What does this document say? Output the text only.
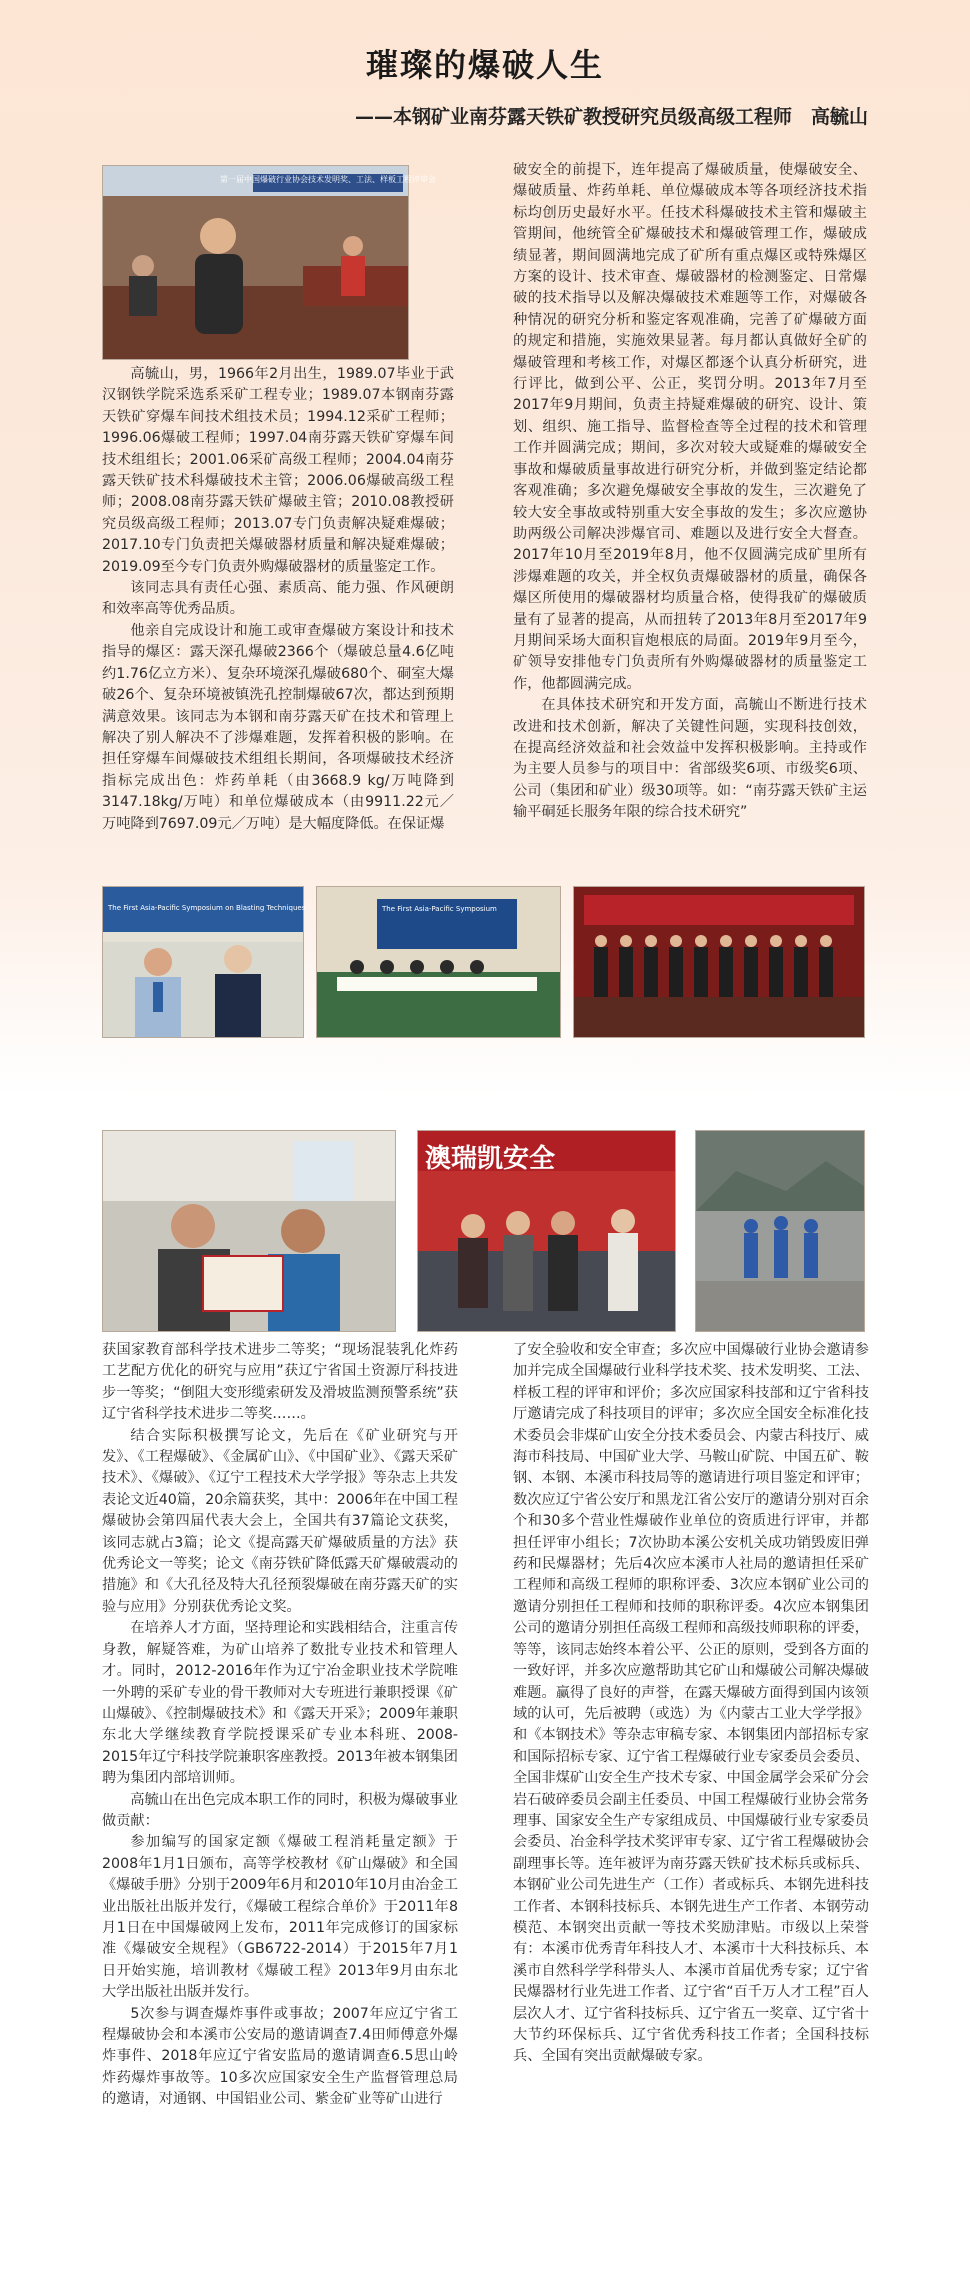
璀璨的爆破人生
——本钢矿业南芬露天铁矿教授研究员级高级工程师　高毓山
第一届中国爆破行业协会技术发明奖、工法、样板工程评审会

高毓山，男，1966年2月出生，1989.07毕业于武汉钢铁学院采选系采矿工程专业；1989.07本钢南芬露天铁矿穿爆车间技术组技术员；1994.12采矿工程师；1996.06爆破工程师；1997.04南芬露天铁矿穿爆车间技术组组长；2001.06采矿高级工程师；2004.04南芬露天铁矿技术科爆破技术主管；2006.06爆破高级工程师；2008.08南芬露天铁矿爆破主管；2010.08教授研究员级高级工程师；2013.07专门负责解决疑难爆破；2017.10专门负责把关爆破器材质量和解决疑难爆破；2019.09至今专门负责外购爆破器材的质量鉴定工作。

该同志具有责任心强、素质高、能力强、作风硬朗和效率高等优秀品质。

他亲自完成设计和施工或审查爆破方案设计和技术指导的爆区：露天深孔爆破2366个（爆破总量4.6亿吨约1.76亿立方米）、复杂环境深孔爆破680个、硐室大爆破26个、复杂环境被镇洗孔控制爆破67次，都达到预期满意效果。该同志为本钢和南芬露天矿在技术和管理上解决了别人解决不了涉爆难题，发挥着积极的影响。在担任穿爆车间爆破技术组组长期间，各项爆破技术经济指标完成出色：炸药单耗（由3668.9 kg/万吨降到3147.18kg/万吨）和单位爆破成本（由9911.22元／万吨降到7697.09元／万吨）是大幅度降低。在保证爆

破安全的前提下，连年提高了爆破质量，使爆破安全、爆破质量、炸药单耗、单位爆破成本等各项经济技术指标均创历史最好水平。任技术科爆破技术主管和爆破主管期间，他统管全矿爆破技术和爆破管理工作，爆破成绩显著，期间圆满地完成了矿所有重点爆区或特殊爆区方案的设计、技术审查、爆破器材的检测鉴定、日常爆破的技术指导以及解决爆破技术难题等工作，对爆破各种情况的研究分析和鉴定客观准确，完善了矿爆破方面的规定和措施，实施效果显著。每月都认真做好全矿的爆破管理和考核工作，对爆区都逐个认真分析研究，进行评比，做到公平、公正，奖罚分明。2013年7月至2017年9月期间，负责主持疑难爆破的研究、设计、策划、组织、施工指导、监督检查等全过程的技术和管理工作并圆满完成；期间，多次对较大或疑难的爆破安全事故和爆破质量事故进行研究分析，并做到鉴定结论都客观准确；多次避免爆破安全事故的发生，三次避免了较大安全事故或特别重大安全事故的发生；多次应邀协助两级公司解决涉爆官司、难题以及进行安全大督查。2017年10月至2019年8月，他不仅圆满完成矿里所有涉爆难题的攻关，并全权负责爆破器材的质量，确保各爆区所使用的爆破器材均质量合格，使得我矿的爆破质量有了显著的提高，从而扭转了2013年8月至2017年9月期间采场大面积盲炮根底的局面。2019年9月至今，矿领导安排他专门负责所有外购爆破器材的质量鉴定工作，他都圆满完成。

在具体技术研究和开发方面，高毓山不断进行技术改进和技术创新，解决了关键性问题，实现科技创效，在提高经济效益和社会效益中发挥积极影响。主持或作为主要人员参与的项目中：省部级奖6项、市级奖6项、公司（集团和矿业）级30项等。如：“南芬露天铁矿主运输平硐延长服务年限的综合技术研究”

The First Asia-Pacific Symposium on Blasting Techniques	The First Asia-Pacific Symposium
澳瑞凯安全

获国家教育部科学技术进步二等奖；“现场混装乳化炸药工艺配方优化的研究与应用”获辽宁省国土资源厅科技进步一等奖；“倒阻大变形缆索研发及滑坡监测预警系统”获辽宁省科学技术进步二等奖……。

结合实际积极撰写论文，先后在《矿业研究与开发》、《工程爆破》、《金属矿山》、《中国矿业》、《露天采矿技术》、《爆破》、《辽宁工程技术大学学报》等杂志上共发表论文近40篇，20余篇获奖，其中：2006年在中国工程爆破协会第四届代表大会上，全国共有37篇论文获奖，该同志就占3篇；论文《提高露天矿爆破质量的方法》获优秀论文一等奖；论文《南芬铁矿降低露天矿爆破震动的措施》和《大孔径及特大孔径预裂爆破在南芬露天矿的实验与应用》分别获优秀论文奖。

在培养人才方面，坚持理论和实践相结合，注重言传身教，解疑答难，为矿山培养了数批专业技术和管理人才。同时，2012-2016年作为辽宁冶金职业技术学院唯一外聘的采矿专业的骨干教师对大专班进行兼职授课《矿山爆破》、《控制爆破技术》和《露天开采》；2009年兼职东北大学继续教育学院授课采矿专业本科班、2008-2015年辽宁科技学院兼职客座教授。2013年被本钢集团聘为集团内部培训师。

高毓山在出色完成本职工作的同时，积极为爆破事业做贡献：

参加编写的国家定额《爆破工程消耗量定额》于2008年1月1日颁布，高等学校教材《矿山爆破》和全国《爆破手册》分别于2009年6月和2010年10月由冶金工业出版社出版并发行，《爆破工程综合单价》于2011年8月1日在中国爆破网上发布，2011年完成修订的国家标准《爆破安全规程》（GB6722-2014）于2015年7月1日开始实施，培训教材《爆破工程》2013年9月由东北大学出版社出版并发行。

5次参与调查爆炸事件或事故；2007年应辽宁省工程爆破协会和本溪市公安局的邀请调查7.4田师傅意外爆炸事件、2018年应辽宁省安监局的邀请调查6.5思山岭炸药爆炸事故等。10多次应国家安全生产监督管理总局的邀请，对通钢、中国铝业公司、紫金矿业等矿山进行

了安全验收和安全审查；多次应中国爆破行业协会邀请参加并完成全国爆破行业科学技术奖、技术发明奖、工法、样板工程的评审和评价；多次应国家科技部和辽宁省科技厅邀请完成了科技项目的评审；多次应全国安全标准化技术委员会非煤矿山安全分技术委员会、内蒙古科技厅、威海市科技局、中国矿业大学、马鞍山矿院、中国五矿、鞍钢、本钢、本溪市科技局等的邀请进行项目鉴定和评审；数次应辽宁省公安厅和黑龙江省公安厅的邀请分别对百余个和30多个营业性爆破作业单位的资质进行评审，并都担任评审小组长；7次协助本溪公安机关成功销毁废旧弹药和民爆器材；先后4次应本溪市人社局的邀请担任采矿工程师和高级工程师的职称评委、3次应本钢矿业公司的邀请分别担任工程师和技师的职称评委。4次应本钢集团公司的邀请分别担任高级工程师和高级技师职称的评委，等等，该同志始终本着公平、公正的原则，受到各方面的一致好评，并多次应邀帮助其它矿山和爆破公司解决爆破难题。赢得了良好的声誉，在露天爆破方面得到国内该领域的认可，先后被聘（或选）为《内蒙古工业大学学报》和《本钢技术》等杂志审稿专家、本钢集团内部招标专家和国际招标专家、辽宁省工程爆破行业专家委员会委员、全国非煤矿山安全生产技术专家、中国金属学会采矿分会岩石破碎委员会副主任委员、中国工程爆破行业协会常务理事、国家安全生产专家组成员、中国爆破行业专家委员会委员、冶金科学技术奖评审专家、辽宁省工程爆破协会副理事长等。连年被评为南芬露天铁矿技术标兵或标兵、本钢矿业公司先进生产（工作）者或标兵、本钢先进科技工作者、本钢科技标兵、本钢先进生产工作者、本钢劳动模范、本钢突出贡献一等技术奖励津贴。市级以上荣誉有：本溪市优秀青年科技人才、本溪市十大科技标兵、本溪市自然科学学科带头人、本溪市首届优秀专家；辽宁省民爆器材行业先进工作者、辽宁省“百千万人才工程”百人层次人才、辽宁省科技标兵、辽宁省五一奖章、辽宁省十大节约环保标兵、辽宁省优秀科技工作者；全国科技标兵、全国有突出贡献爆破专家。
